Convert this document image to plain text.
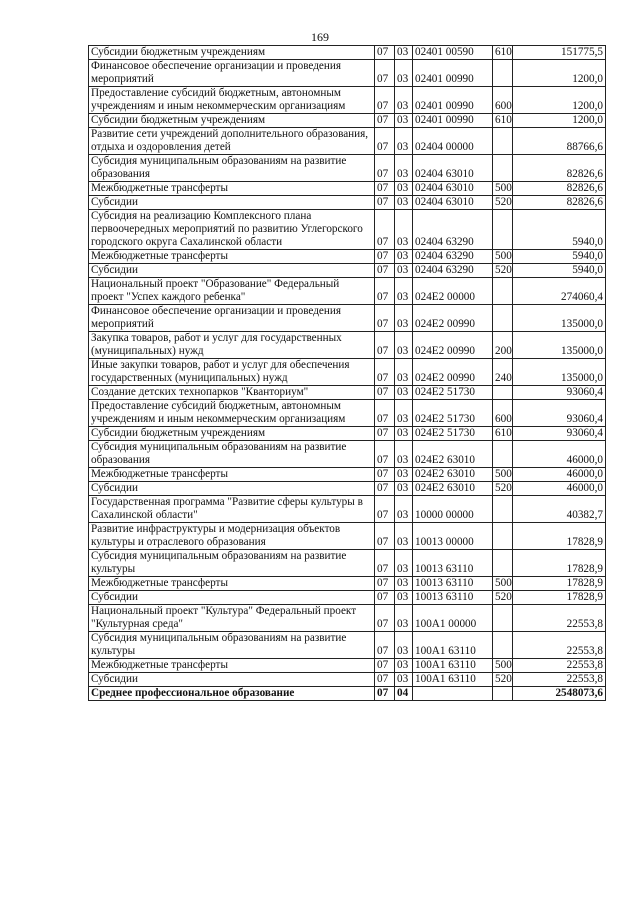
169
Субсидии бюджетным учреждениям	07	03	02401 00590	610	151775,5
Финансовое обеспечение организации и проведения мероприятий	07	03	02401 00990		1200,0
Предоставление субсидий бюджетным, автономным учреждениям и иным некоммерческим организациям	07	03	02401 00990	600	1200,0
Субсидии бюджетным учреждениям	07	03	02401 00990	610	1200,0
Развитие сети учреждений дополнительного образования, отдыха и оздоровления детей	07	03	02404 00000		88766,6
Субсидия муниципальным образованиям на развитие образования	07	03	02404 63010		82826,6
Межбюджетные трансферты	07	03	02404 63010	500	82826,6
Субсидии	07	03	02404 63010	520	82826,6
Субсидия на реализацию Комплексного плана первоочередных мероприятий по развитию Углегорского городского округа Сахалинской области	07	03	02404 63290		5940,0
Межбюджетные трансферты	07	03	02404 63290	500	5940,0
Субсидии	07	03	02404 63290	520	5940,0
Национальный проект "Образование" Федеральный проект "Успех каждого ребенка"	07	03	024E2 00000		274060,4
Финансовое обеспечение организации и проведения мероприятий	07	03	024E2 00990		135000,0
Закупка товаров, работ и услуг для государственных (муниципальных) нужд	07	03	024E2 00990	200	135000,0
Иные закупки товаров, работ и услуг для обеспечения государственных (муниципальных) нужд	07	03	024E2 00990	240	135000,0
Создание детских технопарков "Кванториум"	07	03	024E2 51730		93060,4
Предоставление субсидий бюджетным, автономным учреждениям и иным некоммерческим организациям	07	03	024E2 51730	600	93060,4
Субсидии бюджетным учреждениям	07	03	024E2 51730	610	93060,4
Субсидия муниципальным образованиям на развитие образования	07	03	024E2 63010		46000,0
Межбюджетные трансферты	07	03	024E2 63010	500	46000,0
Субсидии	07	03	024E2 63010	520	46000,0
Государственная программа "Развитие сферы культуры в Сахалинской области"	07	03	10000 00000		40382,7
Развитие инфраструктуры и модернизация объектов культуры и отраслевого образования	07	03	10013 00000		17828,9
Субсидия муниципальным образованиям на развитие культуры	07	03	10013 63110		17828,9
Межбюджетные трансферты	07	03	10013 63110	500	17828,9
Субсидии	07	03	10013 63110	520	17828,9
Национальный проект "Культура" Федеральный проект "Культурная среда"	07	03	100A1 00000		22553,8
Субсидия муниципальным образованиям на развитие культуры	07	03	100A1 63110		22553,8
Межбюджетные трансферты	07	03	100A1 63110	500	22553,8
Субсидии	07	03	100A1 63110	520	22553,8
Среднее профессиональное образование	07	04			2548073,6
